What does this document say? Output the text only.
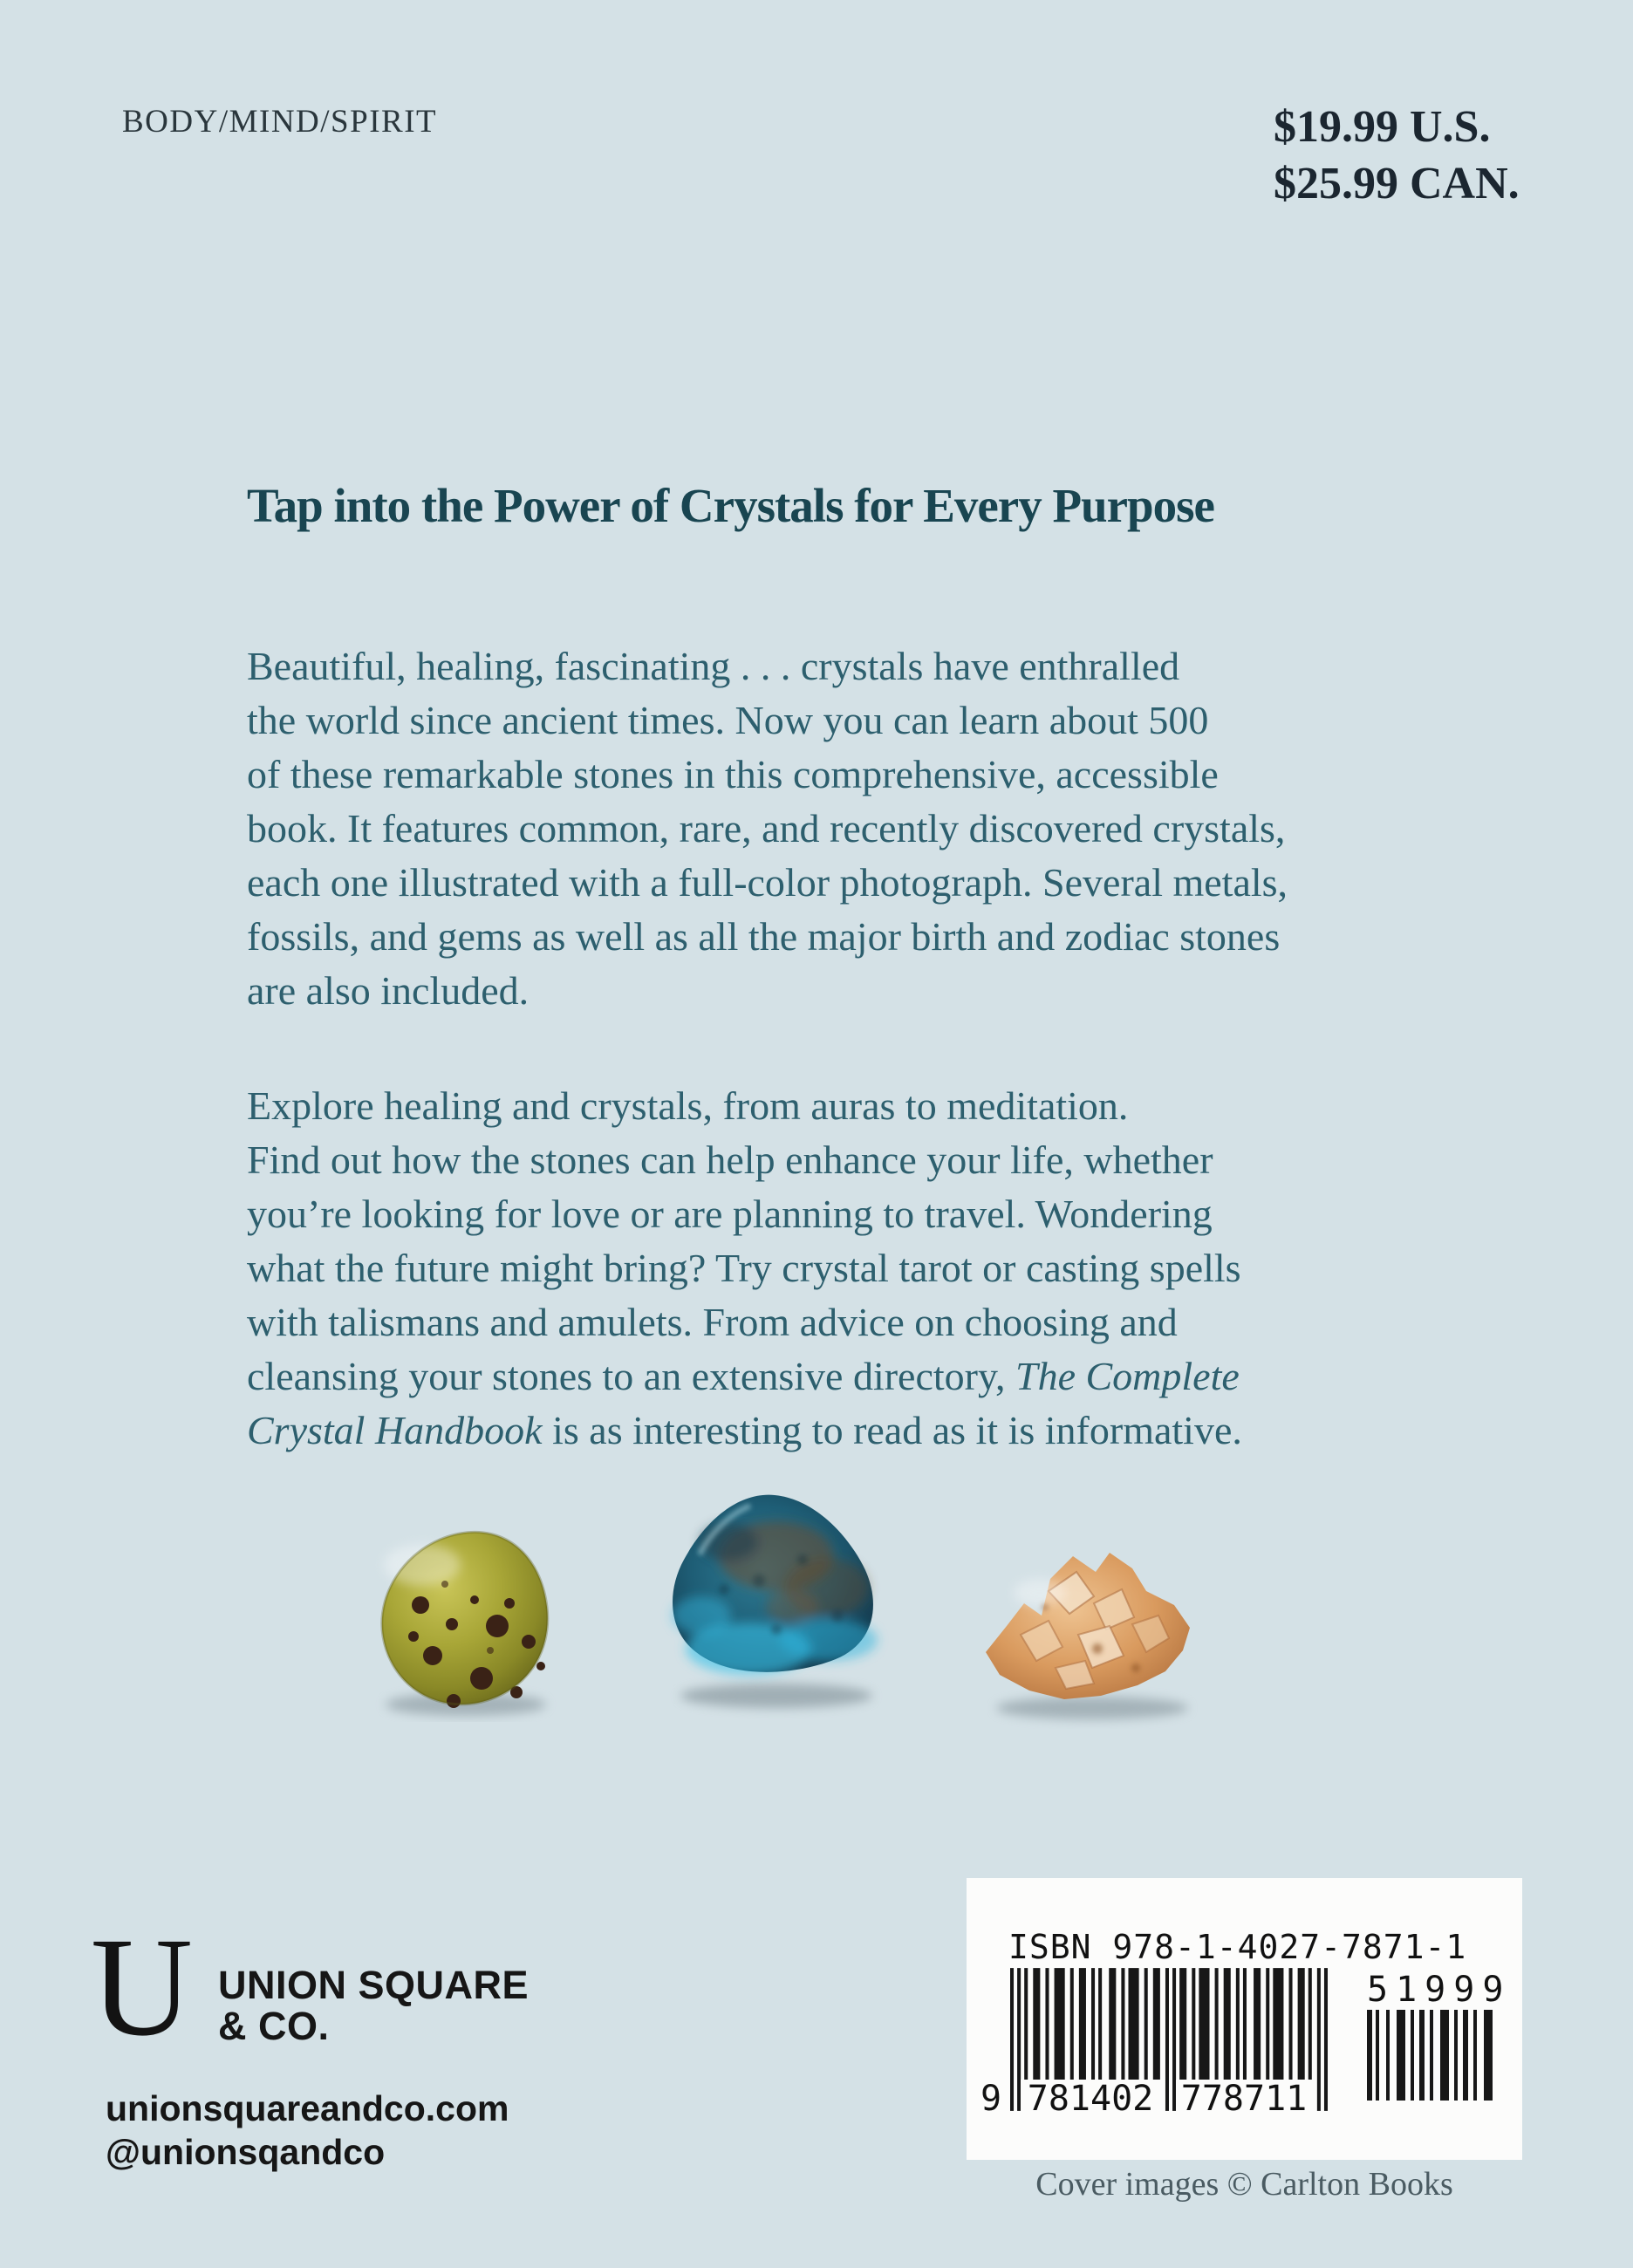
BODY/MIND/SPIRIT	$19.99 U.S.
$25.99 CAN.
Tap into the Power of Crystals for Every Purpose
Beautiful, healing, fascinating . . . crystals have enthralled
the world since ancient times. Now you can learn about 500
of these remarkable stones in this comprehensive, accessible
book. It features common, rare, and recently discovered crystals,
each one illustrated with a full-color photograph. Several metals,
fossils, and gems as well as all the major birth and zodiac stones
are also included.
Explore healing and crystals, from auras to meditation.
Find out how the stones can help enhance your life, whether
you’re looking for love or are planning to travel. Wondering
what the future might bring? Try crystal tarot or casting spells
with talismans and amulets. From advice on choosing and
cleansing your stones to an extensive directory, The Complete
Crystal Handbook is as interesting to read as it is informative.
U UNION SQUARE
& CO.
unionsquareandco.com
@unionsqandco
ISBN 978-1-4027-7871-1
9 781402 778711
51999
Cover images © Carlton Books
